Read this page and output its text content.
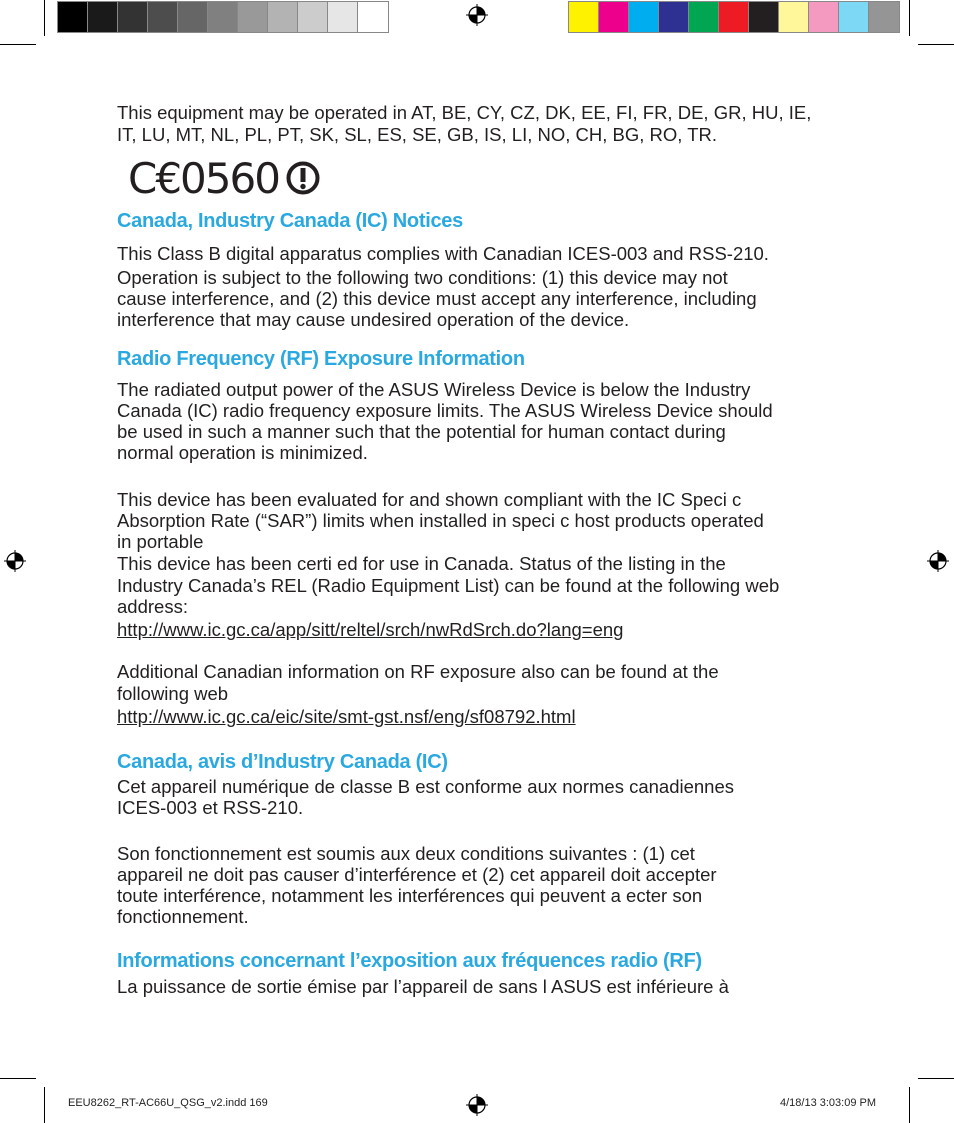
This equipment may be operated in AT, BE, CY, CZ, DK, EE, FI, FR, DE, GR, HU, IE,

IT, LU, MT, NL, PL, PT, SK, SL, ES, SE, GB, IS, LI, NO, CH, BG, RO, TR.

C€0560
Canada, Industry Canada (IC) Notices

This Class B digital apparatus complies with Canadian ICES-003 and RSS-210.

Operation is subject to the following two conditions: (1) this device may not

cause interference, and (2) this device must accept any interference, including

interference that may cause undesired operation of the device.

Radio Frequency (RF) Exposure Information

The radiated output power of the ASUS Wireless Device is below the Industry

Canada (IC) radio frequency exposure limits. The ASUS Wireless Device should

be used in such a manner such that the potential for human contact during

normal operation is minimized.

This device has been evaluated for and shown compliant with the IC Speci c

Absorption Rate (“SAR”) limits when installed in speci c host products operated

in portable

This device has been certi ed for use in Canada. Status of the listing in the

Industry Canada’s REL (Radio Equipment List) can be found at the following web

address:

http://www.ic.gc.ca/app/sitt/reltel/srch/nwRdSrch.do?lang=eng

Additional Canadian information on RF exposure also can be found at the

following web

http://www.ic.gc.ca/eic/site/smt-gst.nsf/eng/sf08792.html

Canada, avis d’Industry Canada (IC)

Cet appareil numérique de classe B est conforme aux normes canadiennes

ICES-003 et RSS-210.

Son fonctionnement est soumis aux deux conditions suivantes : (1) cet

appareil ne doit pas causer d’interférence et (2) cet appareil doit accepter

toute interférence, notamment les interférences qui peuvent a ecter son

fonctionnement.

Informations concernant l’exposition aux fréquences radio (RF)

La puissance de sortie émise par l’appareil de sans l ASUS est inférieure à

EEU8262_RT-AC66U_QSG_v2.indd 169	4/18/13 3:03:09 PM
